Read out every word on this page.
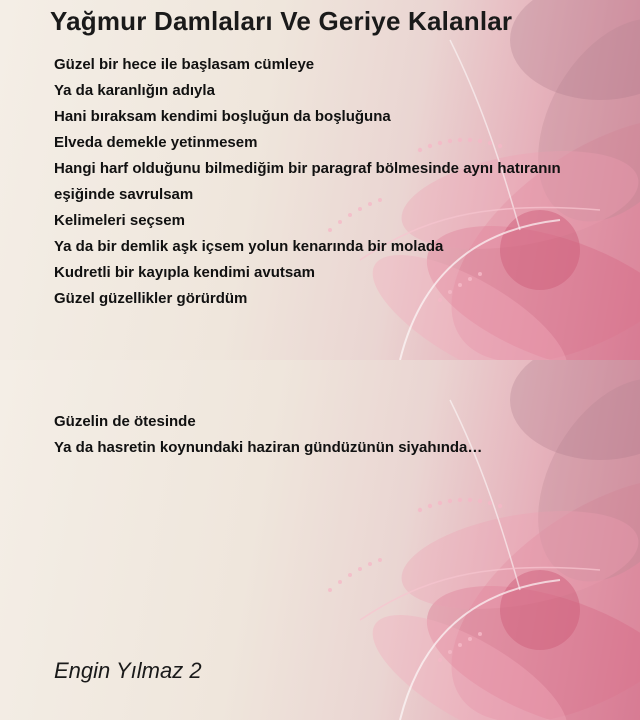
Yağmur Damlaları Ve Geriye Kalanlar
Güzel bir hece ile başlasam cümleye
Ya da karanlığın adıyla
Hani bıraksam kendimi boşluğun da boşluğuna
Elveda demekle yetinmesem
Hangi harf olduğunu bilmediğim bir paragraf bölmesinde aynı hatıranın
eşiğinde savrulsam
Kelimeleri seçsem
Ya da bir demlik aşk içsem yolun kenarında bir molada
Kudretli bir kayıpla kendimi avutsam
Güzel güzellikler görürdüm
Güzelin de ötesinde
Ya da hasretin koynundaki haziran gündüzünün siyahında…
Engin Yılmaz 2
